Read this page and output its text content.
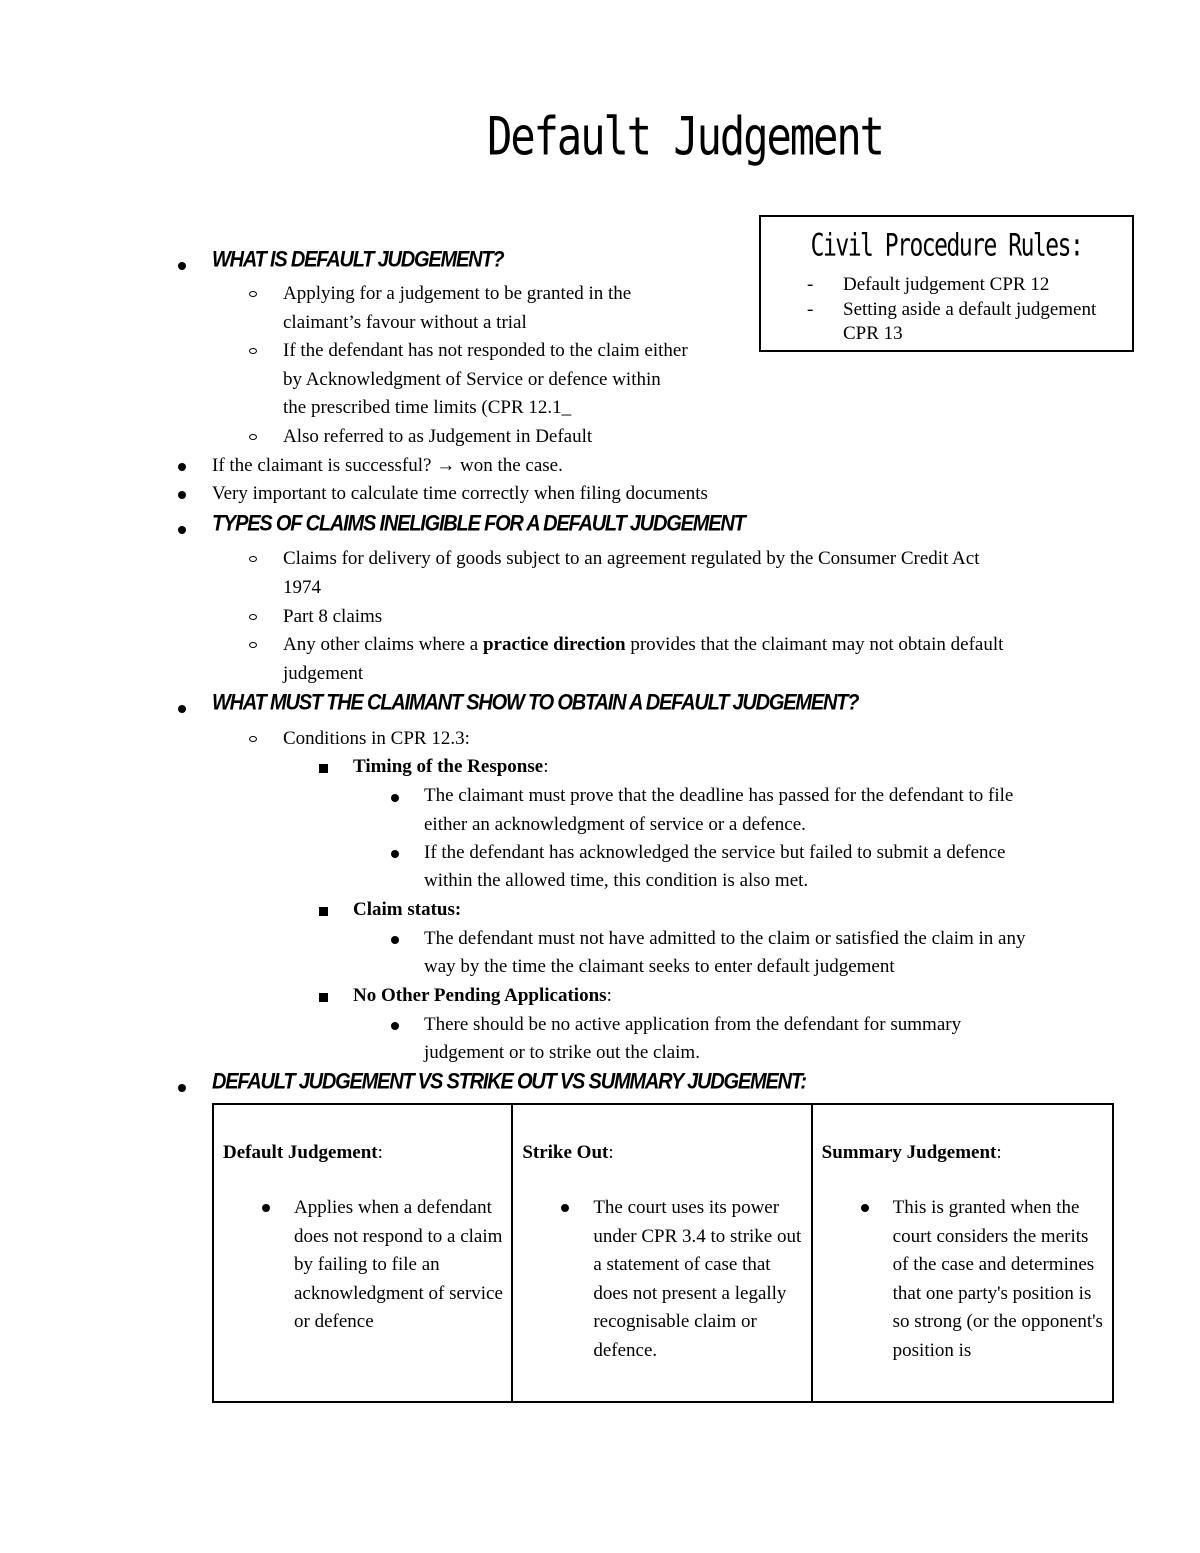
Default Judgement
Civil Procedure Rules:
- Default judgement CPR 12
- Setting aside a default judgement CPR 13
WHAT IS DEFAULT JUDGEMENT?
Applying for a judgement to be granted in the
claimant’s favour without a trial
If the defendant has not responded to the claim either
by Acknowledgment of Service or defence within
the prescribed time limits (CPR 12.1_
Also referred to as Judgement in Default
If the claimant is successful? → won the case.
Very important to calculate time correctly when filing documents
TYPES OF CLAIMS INELIGIBLE FOR A DEFAULT JUDGEMENT
Claims for delivery of goods subject to an agreement regulated by the Consumer Credit Act
1974
Part 8 claims
Any other claims where a practice direction provides that the claimant may not obtain default
judgement
WHAT MUST THE CLAIMANT SHOW TO OBTAIN A DEFAULT JUDGEMENT?
Conditions in CPR 12.3:
Timing of the Response:
The claimant must prove that the deadline has passed for the defendant to file
either an acknowledgment of service or a defence.
If the defendant has acknowledged the service but failed to submit a defence
within the allowed time, this condition is also met.
Claim status:
The defendant must not have admitted to the claim or satisfied the claim in any
way by the time the claimant seeks to enter default judgement
No Other Pending Applications:
There should be no active application from the defendant for summary
judgement or to strike out the claim.
DEFAULT JUDGEMENT VS STRIKE OUT VS SUMMARY JUDGEMENT:
Default Judgement:
Applies when a defendant does not respond to a claim by failing to file an acknowledgment of service or defence
Strike Out:
The court uses its power under CPR 3.4 to strike out a statement of case that does not present a legally recognisable claim or defence.
Summary Judgement:
This is granted when the court considers the merits of the case and determines that one party's position is so strong (or the opponent's position is
